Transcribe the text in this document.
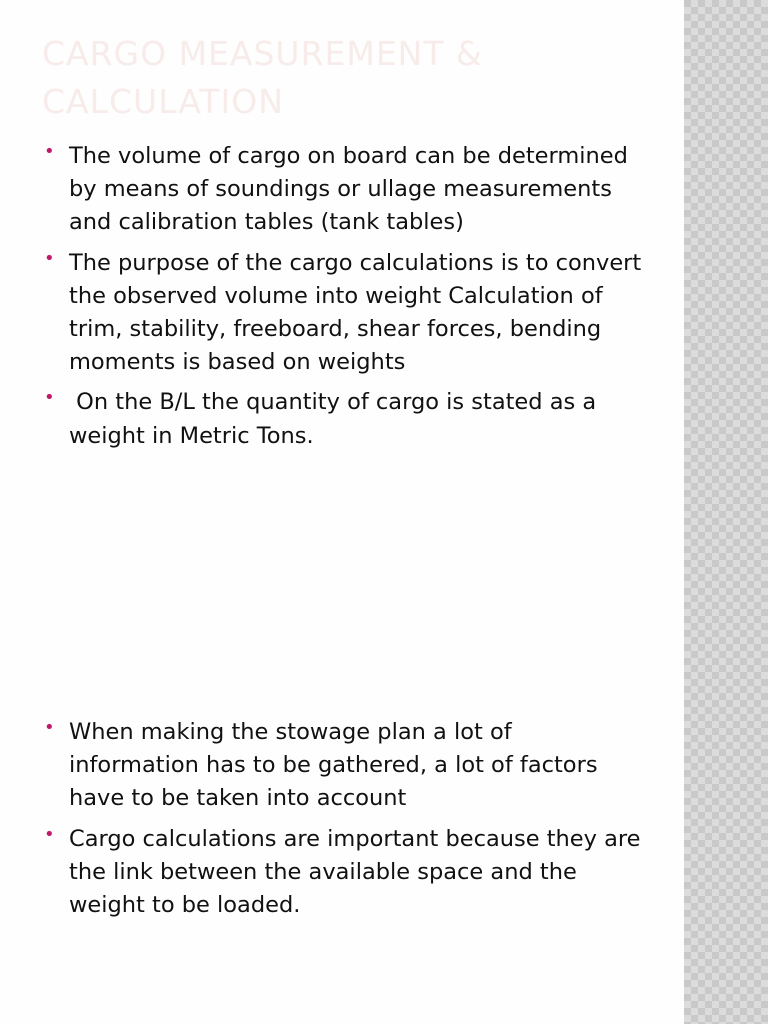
CARGO MEASUREMENT & CALCULATION
• The volume of cargo on board can be determined by means of soundings or ullage measurements and calibration tables (tank tables)
• The purpose of the cargo calculations is to convert the observed volume into weight Calculation of trim, stability, freeboard, shear forces, bending moments is based on weights
• On the B/L the quantity of cargo is stated as a weight in Metric Tons.
• When making the stowage plan a lot of information has to be gathered, a lot of factors have to be taken into account
• Cargo calculations are important because they are the link between the available space and the weight to be loaded.
